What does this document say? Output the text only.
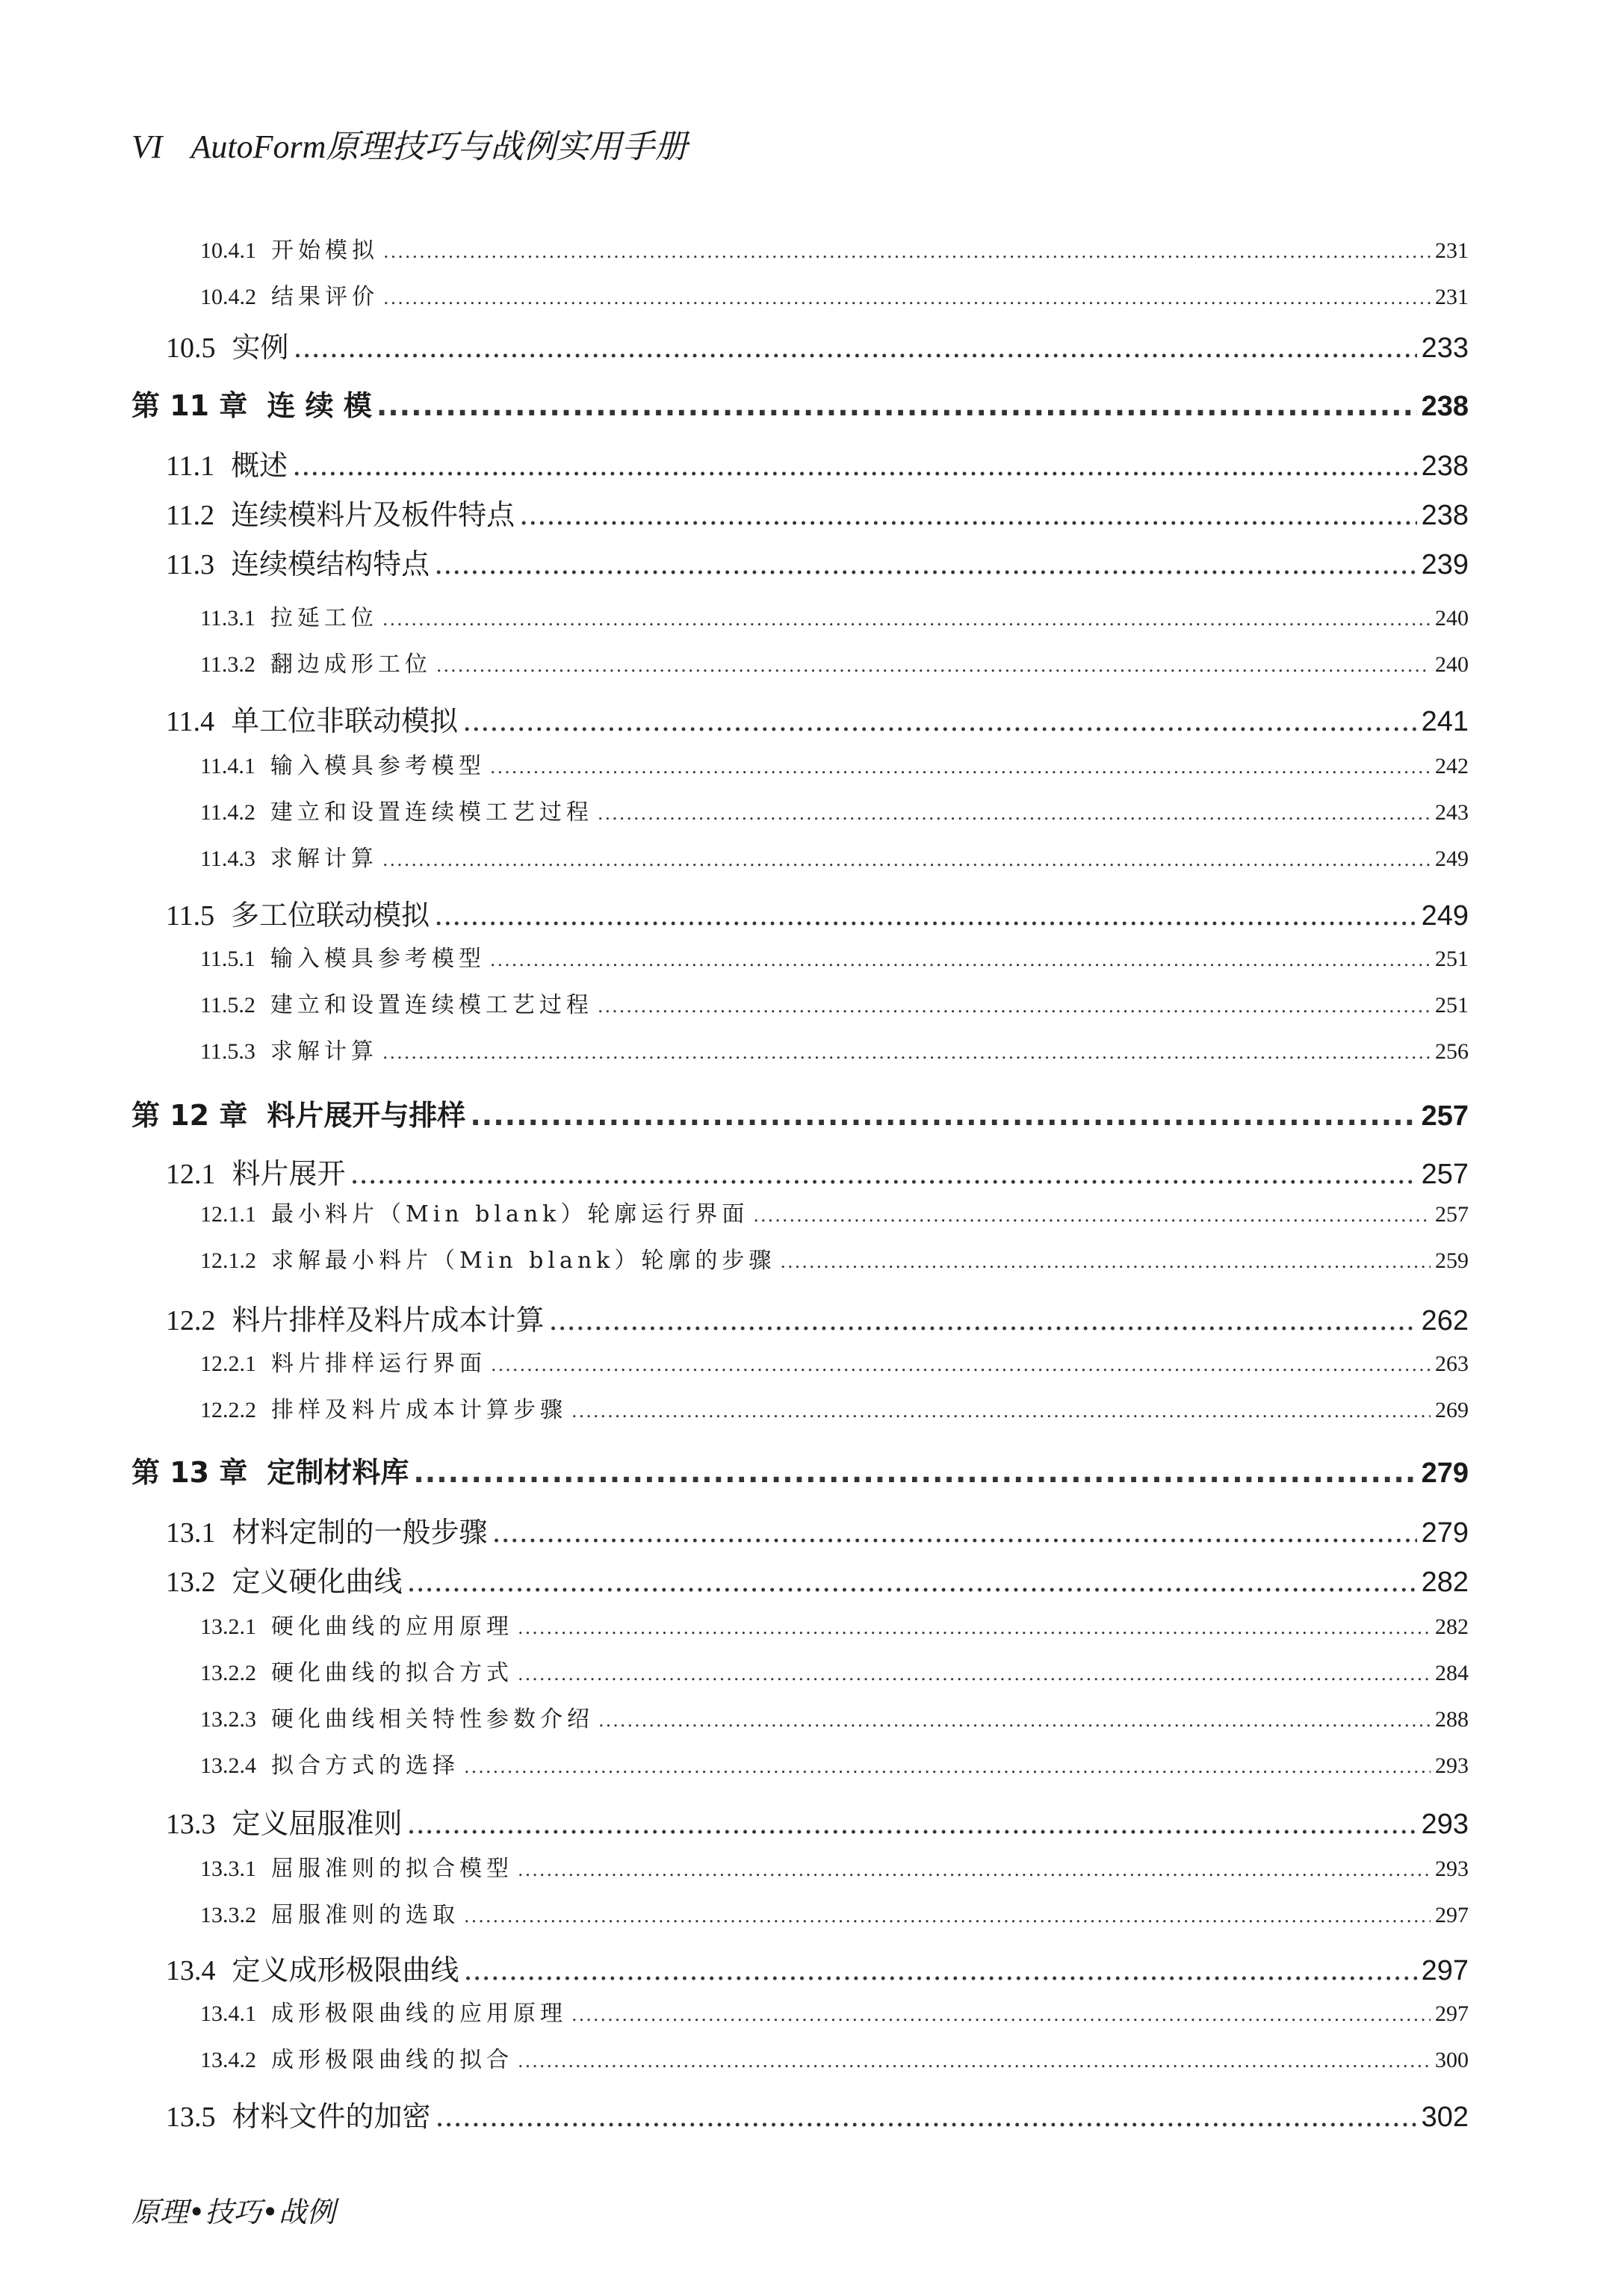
VI AutoForm原理技巧与战例实用手册
10.4.1 开始模拟 .....	231
10.4.2 结果评价 .....	231
10.5 实例 .....	233
第 11 章 连 续 模 .....	238
11.1 概述 .....	238
11.2 连续模料片及板件特点 .....	238
11.3 连续模结构特点 .....	239
11.3.1 拉延工位 .....	240
11.3.2 翻边成形工位 .....	240
11.4 单工位非联动模拟 .....	241
11.4.1 输入模具参考模型 .....	242
11.4.2 建立和设置连续模工艺过程 .....	243
11.4.3 求解计算 .....	249
11.5 多工位联动模拟 .....	249
11.5.1 输入模具参考模型 .....	251
11.5.2 建立和设置连续模工艺过程 .....	251
11.5.3 求解计算 .....	256
第 12 章 料片展开与排样 .....	257
12.1 料片展开 .....	257
12.1.1 最小料片（Min blank）轮廓运行界面 .....	257
12.1.2 求解最小料片（Min blank）轮廓的步骤 .....	259
12.2 料片排样及料片成本计算 .....	262
12.2.1 料片排样运行界面 .....	263
12.2.2 排样及料片成本计算步骤 .....	269
第 13 章 定制材料库 .....	279
13.1 材料定制的一般步骤 .....	279
13.2 定义硬化曲线 .....	282
13.2.1 硬化曲线的应用原理 .....	282
13.2.2 硬化曲线的拟合方式 .....	284
13.2.3 硬化曲线相关特性参数介绍 .....	288
13.2.4 拟合方式的选择 .....	293
13.3 定义屈服准则 .....	293
13.3.1 屈服准则的拟合模型 .....	293
13.3.2 屈服准则的选取 .....	297
13.4 定义成形极限曲线 .....	297
13.4.1 成形极限曲线的应用原理 .....	297
13.4.2 成形极限曲线的拟合 .....	300
13.5 材料文件的加密 .....	302
原理•技巧•战例
